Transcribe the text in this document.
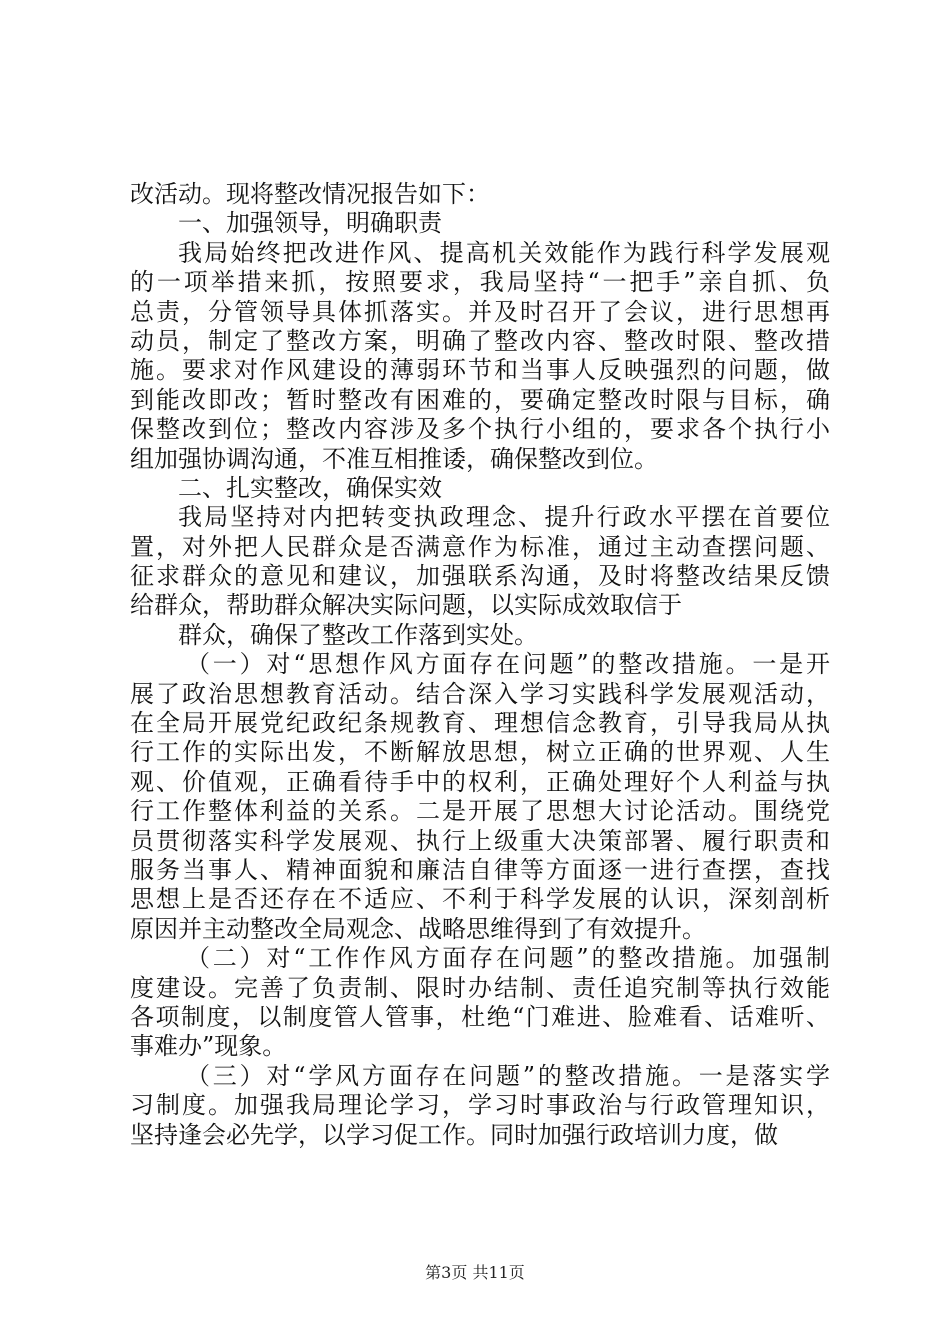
改活动。现将整改情况报告如下：
一、加强领导，明确职责
我局始终把改进作风、提高机关效能作为践行科学发展观
的一项举措来抓，按照要求，我局坚持“一把手”亲自抓、负
总责，分管领导具体抓落实。并及时召开了会议，进行思想再
动员，制定了整改方案，明确了整改内容、整改时限、整改措
施。要求对作风建设的薄弱环节和当事人反映强烈的问题，做
到能改即改；暂时整改有困难的，要确定整改时限与目标，确
保整改到位；整改内容涉及多个执行小组的，要求各个执行小
组加强协调沟通，不准互相推诿，确保整改到位。
二、扎实整改，确保实效
我局坚持对内把转变执政理念、提升行政水平摆在首要位
置，对外把人民群众是否满意作为标准，通过主动查摆问题、
征求群众的意见和建议，加强联系沟通，及时将整改结果反馈
给群众，帮助群众解决实际问题，以实际成效取信于
群众，确保了整改工作落到实处。
（一）对“思想作风方面存在问题”的整改措施。一是开
展了政治思想教育活动。结合深入学习实践科学发展观活动，
在全局开展党纪政纪条规教育、理想信念教育，引导我局从执
行工作的实际出发，不断解放思想，树立正确的世界观、人生
观、价值观，正确看待手中的权利，正确处理好个人利益与执
行工作整体利益的关系。二是开展了思想大讨论活动。围绕党
员贯彻落实科学发展观、执行上级重大决策部署、履行职责和
服务当事人、精神面貌和廉洁自律等方面逐一进行查摆，查找
思想上是否还存在不适应、不利于科学发展的认识，深刻剖析
原因并主动整改全局观念、战略思维得到了有效提升。
（二）对“工作作风方面存在问题”的整改措施。加强制
度建设。完善了负责制、限时办结制、责任追究制等执行效能
各项制度，以制度管人管事，杜绝“门难进、脸难看、话难听、
事难办”现象。
（三）对“学风方面存在问题”的整改措施。一是落实学
习制度。加强我局理论学习，学习时事政治与行政管理知识，
坚持逢会必先学，以学习促工作。同时加强行政培训力度，做
第3页 共11页
